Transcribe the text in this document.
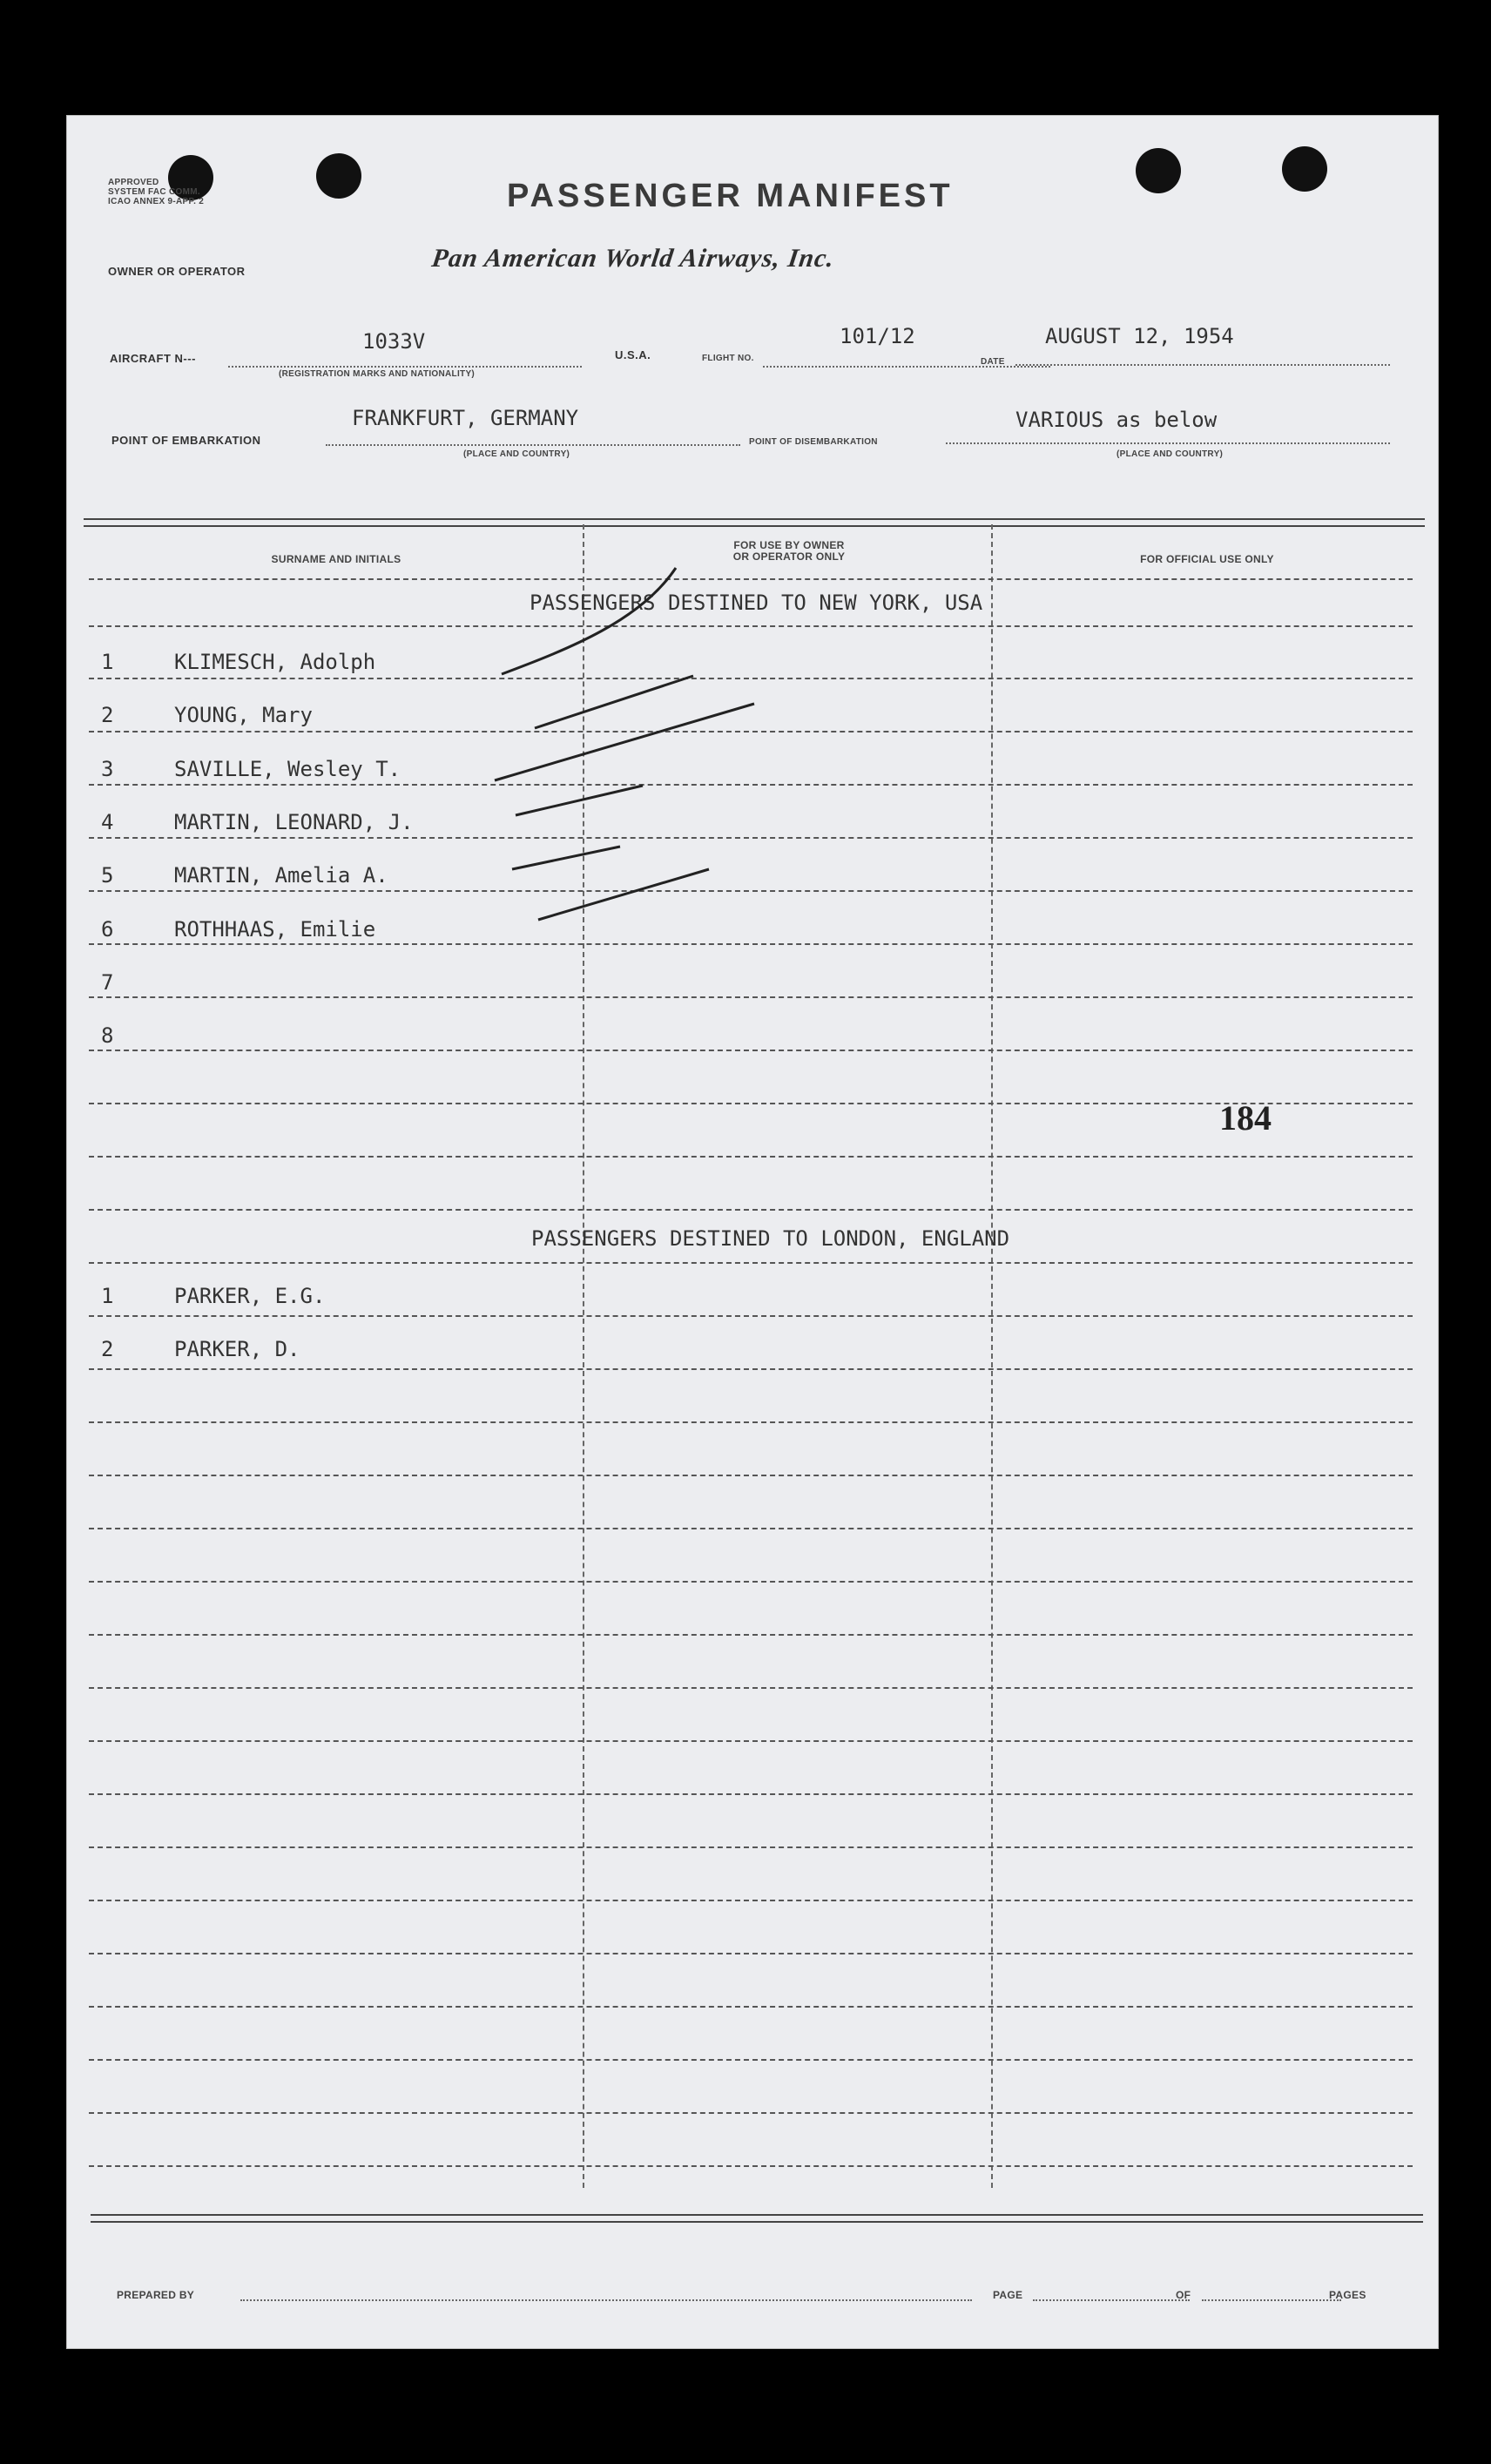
APPROVED
SYSTEM FAC COMM.
ICAO ANNEX 9-APP. 2	PASSENGER MANIFEST
OWNER OR OPERATOR	Pan American World Airways, Inc.
AIRCRAFT N---
1033V
(REGISTRATION MARKS AND NATIONALITY)
U.S.A.	FLIGHT NO.
101/12
DATE
AUGUST 12, 1954
POINT OF EMBARKATION
FRANKFURT, GERMANY
(PLACE AND COUNTRY)
POINT OF DISEMBARKATION
VARIOUS as below
(PLACE AND COUNTRY)
SURNAME AND INITIALS
FOR USE BY OWNER
OR OPERATOR ONLY	FOR OFFICIAL USE ONLY
PASSENGERS DESTINED TO NEW YORK, USA
1	KLIMESCH, Adolph
2	YOUNG, Mary
3	SAVILLE, Wesley T.
4	MARTIN, LEONARD, J.
5	MARTIN, Amelia A.
6	ROTHHAAS, Emilie
7
8
184
PASSENGERS DESTINED TO LONDON, ENGLAND
1	PARKER, E.G.
2	PARKER, D.
PREPARED BY	PAGE	OF	PAGES
